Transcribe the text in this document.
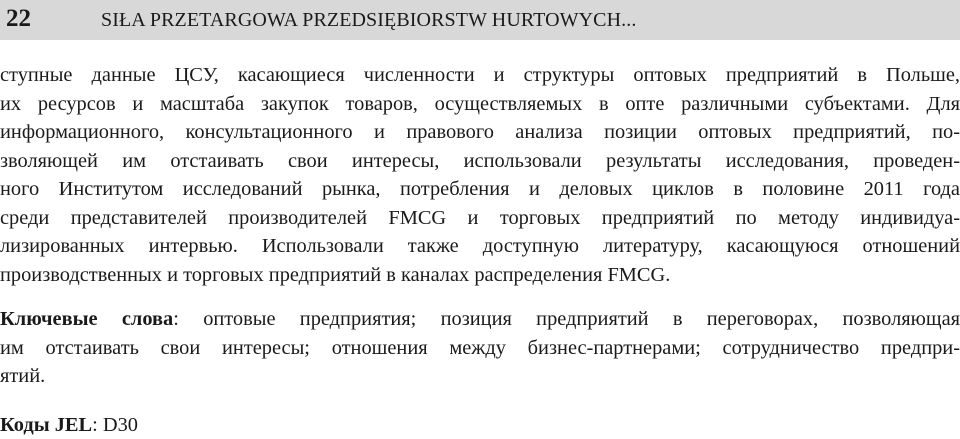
22	SIŁA PRZETARGOWA PRZEDSIĘBIORSTW HURTOWYCH...

ступные данные ЦСУ, касающиеся численности и структуры оптовых предприятий в Польше,
их ресурсов и масштаба закупок товаров, осуществляемых в опте различными субъектами. Для
информационного, консультационного и правового анализа позиции оптовых предприятий, по-
зволяющей им отстаивать свои интересы, использовали результаты исследования, проведен-
ного Институтом исследований рынка, потребления и деловых циклов в половине 2011 года
среди представителей производителей FMCG и торговых предприятий по методу индивидуа-
лизированных интервью. Использовали также доступную литературу, касающуюся отношений
производственных и торговых предприятий в каналах распределения FMCG.

Ключевые слова: оптовые предприятия; позиция предприятий в переговорах, позволяющая
им отстаивать свои интересы; отношения между бизнес-партнерами; сотрудничество предпри-
ятий.

Коды JEL: D30
